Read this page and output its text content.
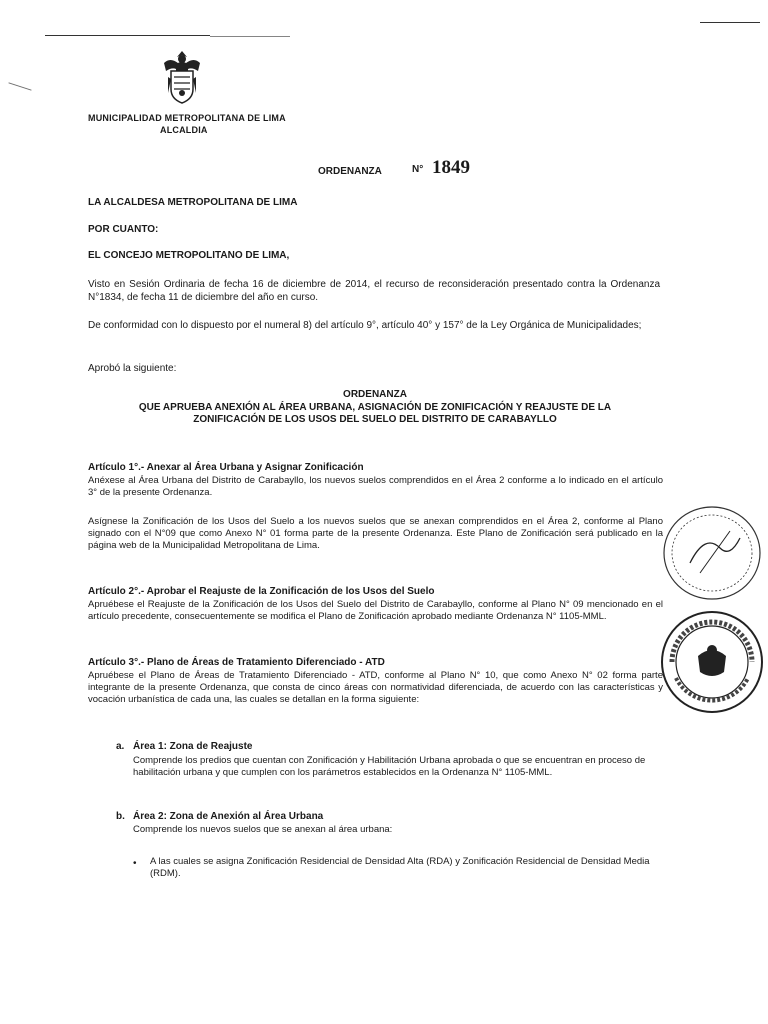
MUNICIPALIDAD METROPOLITANA DE LIMA
ALCALDIA
ORDENANZA	N° 1849
LA ALCALDESA METROPOLITANA DE LIMA
POR CUANTO:
EL CONCEJO METROPOLITANO DE LIMA,
Visto en Sesión Ordinaria de fecha 16 de diciembre de 2014, el recurso de reconsideración presentado contra la Ordenanza N°1834, de fecha 11 de diciembre del año en curso.
De conformidad con lo dispuesto por el numeral 8) del artículo 9°, artículo 40° y 157° de la Ley Orgánica de Municipalidades;
Aprobó la siguiente:
ORDENANZA
QUE APRUEBA ANEXIÓN AL ÁREA URBANA, ASIGNACIÓN DE ZONIFICACIÓN Y REAJUSTE DE LA ZONIFICACIÓN DE LOS USOS DEL SUELO DEL DISTRITO DE CARABAYLLO
Artículo 1°.- Anexar al Área Urbana y Asignar Zonificación
Anéxese al Área Urbana del Distrito de Carabayllo, los nuevos suelos comprendidos en el Área 2 conforme a lo indicado en el artículo 3° de la presente Ordenanza.
Asígnese la Zonificación de los Usos del Suelo a los nuevos suelos que se anexan comprendidos en el Área 2, conforme al Plano signado con el N°09 que como Anexo N° 01 forma parte de la presente Ordenanza. Este Plano de Zonificación será publicado en la página web de la Municipalidad Metropolitana de Lima.
Artículo 2°.- Aprobar el Reajuste de la Zonificación de los Usos del Suelo
Apruébese el Reajuste de la Zonificación de los Usos del Suelo del Distrito de Carabayllo, conforme al Plano N° 09 mencionado en el artículo precedente, consecuentemente se modifica el Plano de Zonificación aprobado mediante Ordenanza N° 1105-MML.
Artículo 3°.- Plano de Áreas de Tratamiento Diferenciado - ATD
Apruébese el Plano de Áreas de Tratamiento Diferenciado - ATD, conforme al Plano N° 10, que como Anexo N° 02 forma parte integrante de la presente Ordenanza, que consta de cinco áreas con normatividad diferenciada, de acuerdo con las características y vocación urbanística de cada una, las cuales se detallan en la forma siguiente:
a. Área 1: Zona de Reajuste
Comprende los predios que cuentan con Zonificación y Habilitación Urbana aprobada o que se encuentran en proceso de habilitación urbana y que cumplen con los parámetros establecidos en la Ordenanza N° 1105-MML.
b. Área 2: Zona de Anexión al Área Urbana
Comprende los nuevos suelos que se anexan al área urbana:
• A las cuales se asigna Zonificación Residencial de Densidad Alta (RDA) y Zonificación Residencial de Densidad Media (RDM).
